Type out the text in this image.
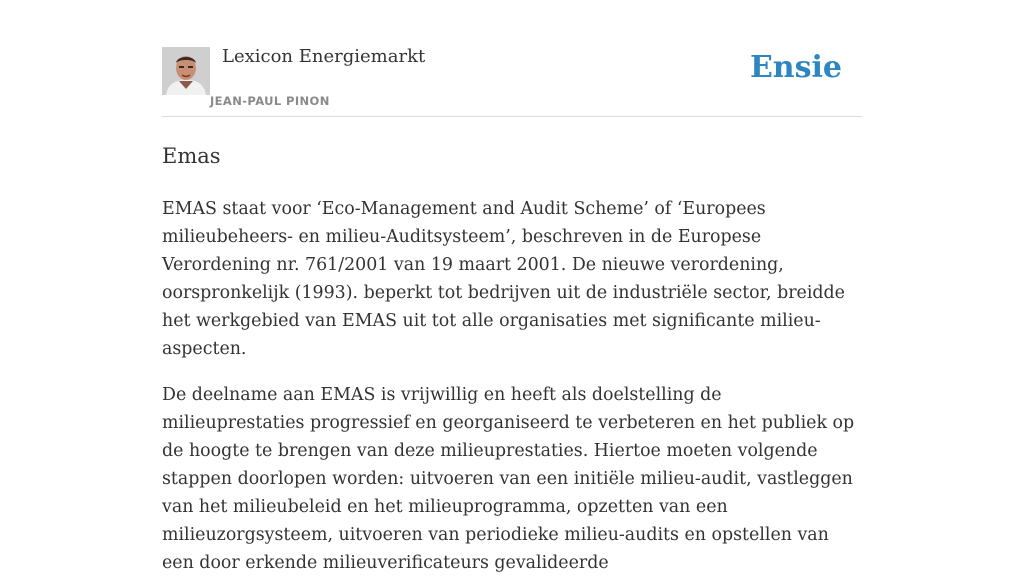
Lexicon Energiemarkt
JEAN-PAUL PINON
Ensie
Emas

EMAS staat voor ‘Eco-Management and Audit Scheme’ of ‘Europees milieubeheers- en milieu-Auditsysteem’, beschreven in de Europese Verordening nr. 761/2001 van 19 maart 2001. De nieuwe verordening, oorspronkelijk (1993). beperkt tot bedrijven uit de industriële sector, breidde het werkgebied van EMAS uit tot alle organisaties met significante milieu-aspecten.

De deelname aan EMAS is vrijwillig en heeft als doelstelling de milieuprestaties progressief en georganiseerd te verbeteren en het publiek op de hoogte te brengen van deze milieuprestaties. Hiertoe moeten volgende stappen doorlopen worden: uitvoeren van een initiële milieu-audit, vastleggen van het milieubeleid en het milieuprogramma, opzetten van een milieuzorgsysteem, uitvoeren van periodieke milieu-audits en opstellen van een door erkende milieuverificateurs gevalideerde
